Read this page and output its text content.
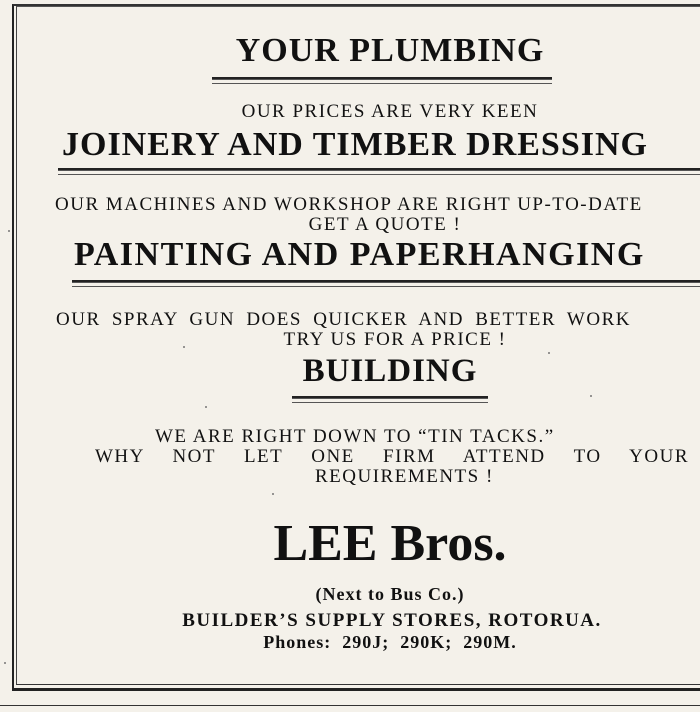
YOUR PLUMBING
OUR PRICES ARE VERY KEEN
JOINERY AND TIMBER DRESSING
OUR MACHINES AND WORKSHOP ARE RIGHT UP-TO-DATE
GET A QUOTE !
PAINTING AND PAPERHANGING
OUR SPRAY GUN DOES QUICKER AND BETTER WORK
TRY US FOR A PRICE !
BUILDING
WE ARE RIGHT DOWN TO “TIN TACKS.”
WHY NOT LET ONE FIRM ATTEND TO YOUR
REQUIREMENTS !
LEE Bros.
(Next to Bus Co.)
BUILDER’S SUPPLY STORES, ROTORUA.
Phones:  290J;  290K;  290M.
